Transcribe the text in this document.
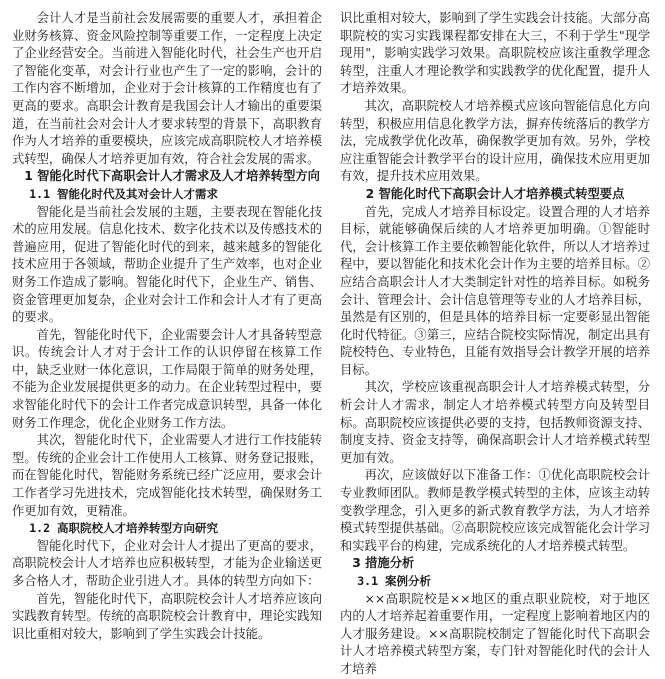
会计人才是当前社会发展需要的重要人才，承担着企业财务核算、资金风险控制等重要工作，一定程度上决定了企业经营安全。当前进入智能化时代，社会生产也开启了智能化变革，对会计行业也产生了一定的影响，会计的工作内容不断增加，企业对于会计核算的工作精度也有了更高的要求。高职会计教育是我国会计人才输出的重要渠道，在当前社会对会计人才要求转型的背景下，高职教育作为人才培养的重要模块，应该完成高职院校人才培养模式转型，确保人才培养更加有效，符合社会发展的需求。

1 智能化时代下高职会计人才需求及人才培养转型方向
1.1 智能化时代及其对会计人才需求

智能化是当前社会发展的主题，主要表现在智能化技术的应用发展。信息化技术、数字化技术以及传感技术的普遍应用，促进了智能化时代的到来，越来越多的智能化技术应用于各领域，帮助企业提升了生产效率，也对企业财务工作造成了影响。智能化时代下，企业生产、销售、资金管理更加复杂，企业对会计工作和会计人才有了更高的要求。

首先，智能化时代下，企业需要会计人才具备转型意识。传统会计人才对于会计工作的认识停留在核算工作中，缺乏业财一体化意识，工作局限于简单的财务处理，不能为企业发展提供更多的动力。在企业转型过程中，要求智能化时代下的会计工作者完成意识转型，具备一体化财务工作理念，优化企业财务工作方法。

其次，智能化时代下，企业需要人才进行工作技能转型。传统的企业会计工作使用人工核算、财务登记报账，而在智能化时代，智能财务系统已经广泛应用，要求会计工作者学习先进技术，完成智能化技术转型，确保财务工作更加有效，更精准。

1.2 高职院校人才培养转型方向研究

智能化时代下，企业对会计人才提出了更高的要求，高职院校会计人才培养也应积极转型，才能为企业输送更多合格人才，帮助企业引进人才。具体的转型方向如下：

首先，智能化时代下，高职院校会计人才培养应该向实践教育转型。传统的高职院校会计教育中，理论实践知识比重相对较大，影响到了学生实践会计技能。

识比重相对较大，影响到了学生实践会计技能。大部分高职院校的实习实践课程都安排在大三，不利于学生"现学现用"，影响实践学习效果。高职院校应该注重教学理念转型，注重人才理论教学和实践教学的优化配置，提升人才培养效果。

其次，高职院校人才培养模式应该向智能信息化方向转型，积极应用信息化教学方法，摒弃传统落后的教学方法，完成教学优化改革，确保教学更加有效。另外，学校应注重智能会计教学平台的设计应用，确保技术应用更加有效，提升技术应用效果。

2 智能化时代下高职会计人才培养模式转型要点

首先，完成人才培养目标设定。设置合理的人才培养目标，就能够确保后续的人才培养更加明确。①智能时代，会计核算工作主要依赖智能化软件，所以人才培养过程中，要以智能化和技术化会计作为主要的培养目标。②应结合高职会计人才大类制定针对性的培养目标。如税务会计、管理会计、会计信息管理等专业的人才培养目标，虽然是有区别的，但是具体的培养目标一定要彰显出智能化时代特征。③第三，应结合院校实际情况，制定出具有院校特色、专业特色，且能有效指导会计教学开展的培养目标。

其次，学校应该重视高职会计人才培养模式转型，分析会计人才需求，制定人才培养模式转型方向及转型目标。高职院校应该提供必要的支持，包括教师资源支持、制度支持、资金支持等，确保高职会计人才培养模式转型更加有效。

再次，应该做好以下准备工作：①优化高职院校会计专业教师团队。教师是教学模式转型的主体，应该主动转变教学理念，引入更多的新式教育教学方法，为人才培养模式转型提供基础。②高职院校应该完成智能化会计学习和实践平台的构建，完成系统化的人才培养模式转型。

3 措施分析
3.1 案例分析

××高职院校是××地区的重点职业院校，对于地区内的人才培养起着重要作用，一定程度上影响着地区内的人才服务建设。××高职院校制定了智能化时代下高职会计人才培养模式转型方案，专门针对智能化时代的会计人才培养
